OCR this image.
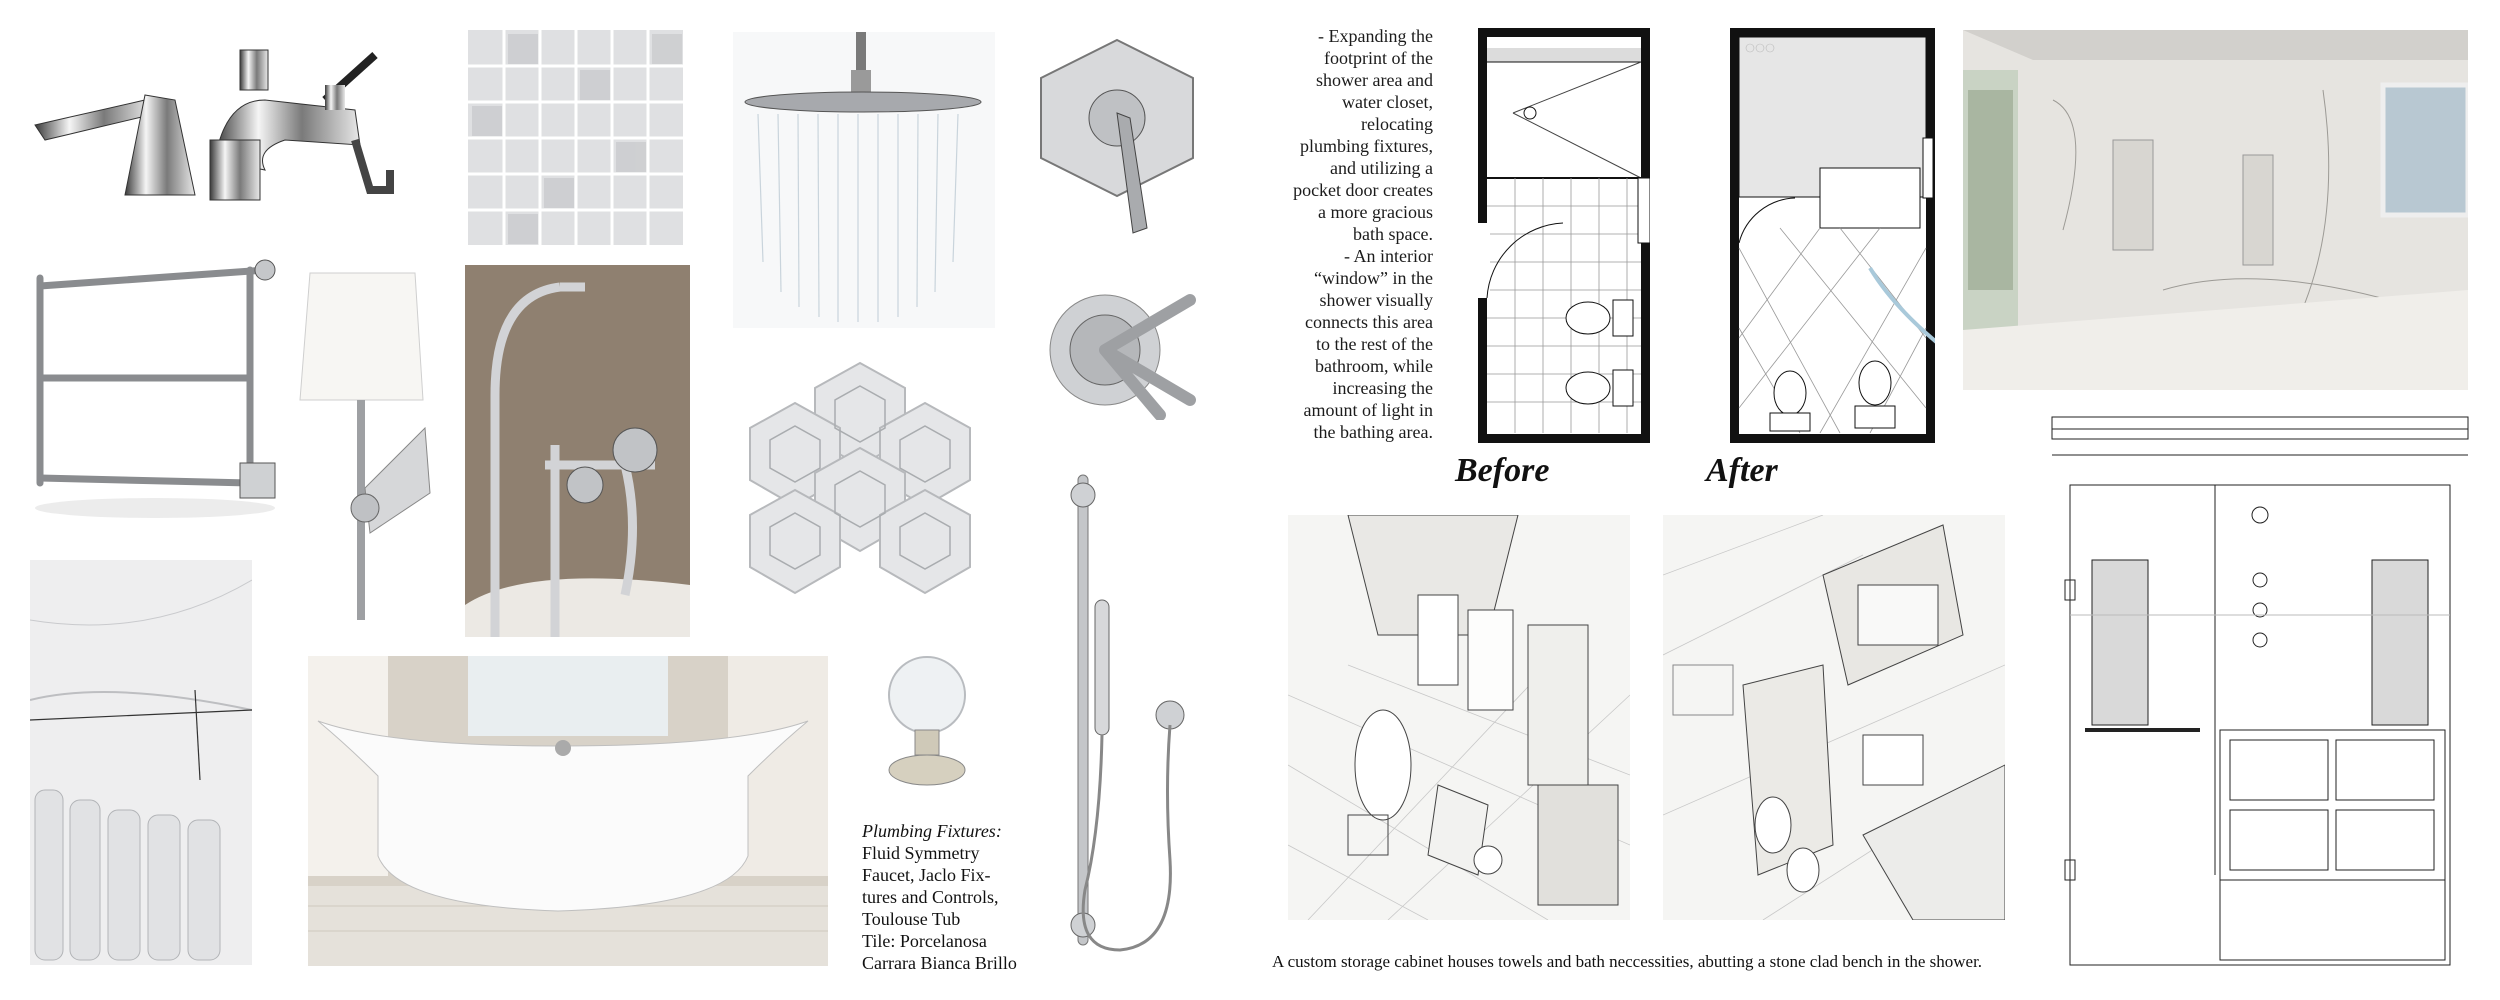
Plumbing Fixtures:
Fluid Symmetry
Faucet, Jaclo Fix-
tures and Controls,
Toulouse Tub
Tile: Porcelanosa
Carrara Bianca Brillo
- Expanding the
footprint of the
shower area and
water closet,
relocating
plumbing fixtures,
and utilizing a
pocket door creates
a more gracious
bath space.
- An interior
“window” in the
shower visually
connects this area
to the rest of the
bathroom, while
increasing the
amount of light in
the bathing area.
Before	After
A custom storage cabinet houses towels and bath neccessities, abutting a stone clad bench in the shower.
